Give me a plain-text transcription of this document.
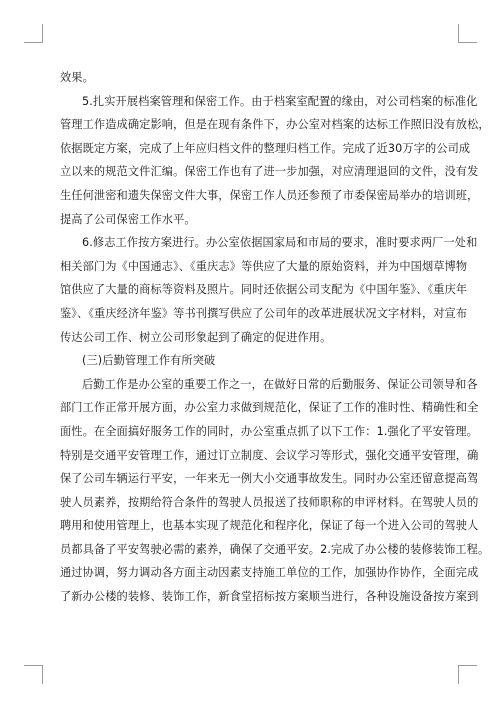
效果。
5.扎实开展档案管理和保密工作。由于档案室配置的缘由，对公司档案的标准化
管理工作造成确定影响，但是在现有条件下，办公室对档案的达标工作照旧没有放松，
依据既定方案，完成了上年应归档文件的整理归档工作。完成了近30万字的公司成
立以来的规范文件汇编。保密工作也有了进一步加强，对应清理退回的文件，没有发
生任何泄密和遗失保密文件大事，保密工作人员还参预了市委保密局举办的培训班，
提高了公司保密工作水平。
6.修志工作按方案进行。办公室依据国家局和市局的要求，准时要求两厂一处和
相关部门为《中国通志》、《重庆志》等供应了大量的原始资料，并为中国烟草博物
馆供应了大量的商标等资料及照片。同时还依据公司支配为《中国年鉴》、《重庆年
鉴》、《重庆经济年鉴》等书刊撰写供应了公司年的改革进展状况文字材料，对宣布
传达公司工作、树立公司形象起到了确定的促进作用。
(三)后勤管理工作有所突破
后勤工作是办公室的重要工作之一，在做好日常的后勤服务、保证公司领导和各
部门工作正常开展方面，办公室力求做到规范化，保证了工作的准时性、精确性和全
面性。在全面搞好服务工作的同时，办公室重点抓了以下工作：1.强化了平安管理。
特别是交通平安管理工作，通过订立制度、会议学习等形式，强化交通平安管理，确
保了公司车辆运行平安，一年来无一例大小交通事故发生。同时办公室还留意提高驾
驶人员素养，按期给符合条件的驾驶人员报送了技师职称的申评材料。在驾驶人员的
聘用和使用管理上，也基本实现了规范化和程序化，保证了每一个进入公司的驾驶人
员都具备了平安驾驶必需的素养，确保了交通平安。2.完成了办公楼的装修装饰工程。
通过协调，努力调动各方面主动因素支持施工单位的工作，加强协作协作，全面完成
了新办公楼的装修、装饰工作，新食堂招标按方案顺当进行，各种设施设备按方案到
